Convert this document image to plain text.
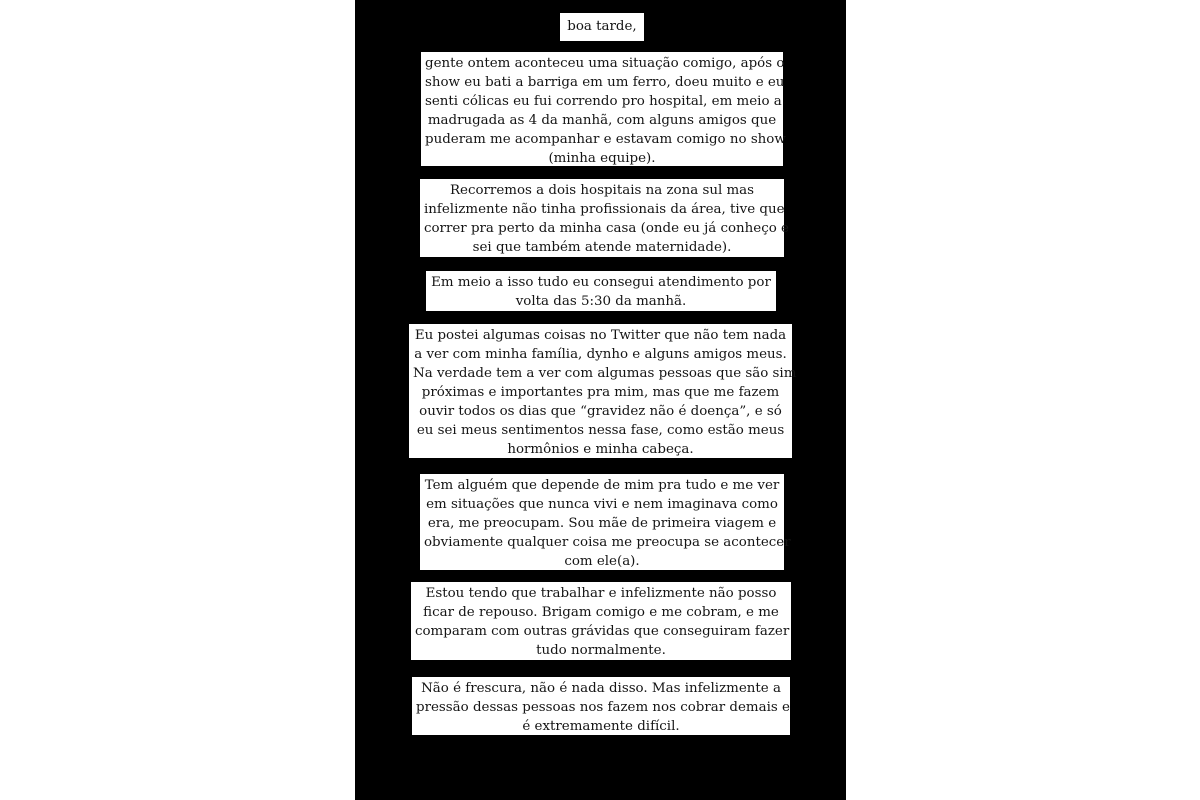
boa tarde,
gente ontem aconteceu uma situação comigo, após o
show eu bati a barriga em um ferro, doeu muito e eu
senti cólicas eu fui correndo pro hospital, em meio a
madrugada as 4 da manhã, com alguns amigos que
puderam me acompanhar e estavam comigo no show
(minha equipe).
Recorremos a dois hospitais na zona sul mas
infelizmente não tinha profissionais da área, tive que
correr pra perto da minha casa (onde eu já conheço e
sei que também atende maternidade).
Em meio a isso tudo eu consegui atendimento por
volta das 5:30 da manhã.
Eu postei algumas coisas no Twitter que não tem nada
a ver com minha família, dynho e alguns amigos meus.
Na verdade tem a ver com algumas pessoas que são sim
próximas e importantes pra mim, mas que me fazem
ouvir todos os dias que “gravidez não é doença”, e só
eu sei meus sentimentos nessa fase, como estão meus
hormônios e minha cabeça.
Tem alguém que depende de mim pra tudo e me ver
em situações que nunca vivi e nem imaginava como
era, me preocupam. Sou mãe de primeira viagem e
obviamente qualquer coisa me preocupa se acontecer
com ele(a).
Estou tendo que trabalhar e infelizmente não posso
ficar de repouso. Brigam comigo e me cobram, e me
comparam com outras grávidas que conseguiram fazer
tudo normalmente.
Não é frescura, não é nada disso. Mas infelizmente a
pressão dessas pessoas nos fazem nos cobrar demais e
é extremamente difícil.
